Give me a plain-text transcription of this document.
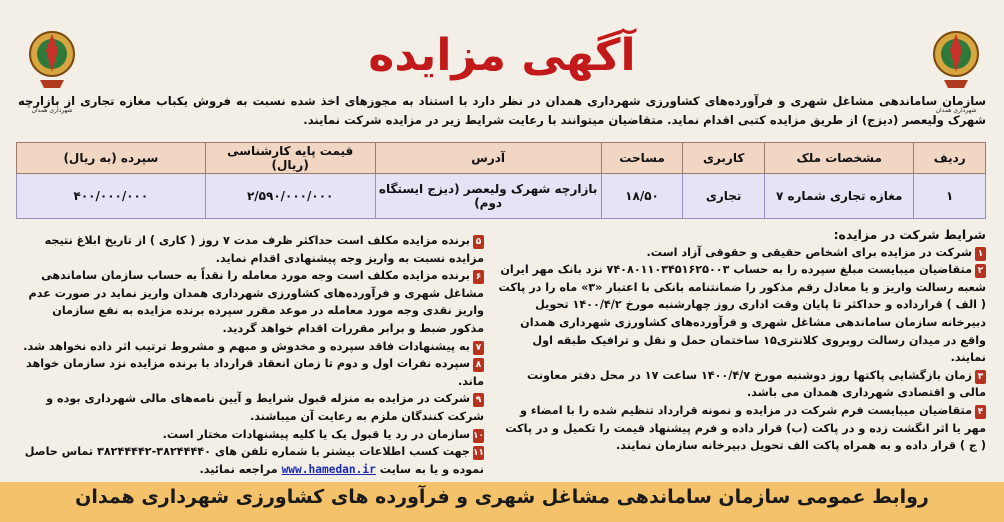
شهرداری همدان
شهرداری همدان
آگهی مزایده
سازمان ساماندهی مشاغل شهری و فرآورده‌های کشاورزی شهرداری همدان در نظر دارد با استناد به مجوزهای اخذ شده نسبت به فروش یکباب مغازه تجاری از بازارچه شهرک ولیعصر (دیزج) از طریق مزایده کتبی اقدام نماید. متقاضیان میتوانند با رعایت شرایط زیر در مزایده شرکت نمایند.
ردیف	مشخصات ملک	کاربری	مساحت	آدرس	قیمت پایه کارشناسی (ریال)	سپرده (به ریال)
۱	مغازه تجاری شماره ۷	تجاری	۱۸/۵۰	بازارچه شهرک ولیعصر (دیزج ایستگاه دوم)	۲/۵۹۰/۰۰۰/۰۰۰	۴۰۰/۰۰۰/۰۰۰
شرایط شرکت در مزایده:

۱شرکت در مزایده برای اشخاص حقیقی و حقوقی آزاد است.

۲متقاضیان میبایست مبلغ سپرده را به حساب ۷۴۰۸۰۱۱۰۳۴۵۱۶۲۵۰۰۳ نزد بانک مهر ایران شعبه رسالت واریز و یا معادل رقم مذکور را ضمانتنامه بانکی با اعتبار «۳» ماه را در پاکت ( الف ) قرارداده و حداکثر تا پایان وقت اداری روز چهارشنبه مورخ ۱۴۰۰/۴/۲ تحویل دبیرخانه سازمان ساماندهی مشاغل شهری و فرآورده‌های کشاورزی شهرداری همدان واقع در میدان رسالت روبروی کلانتری۱۵ ساختمان حمل و نقل و ترافیک طبقه اول نمایند.

۳زمان بازگشایی پاکتها روز دوشنبه مورخ ۱۴۰۰/۴/۷ ساعت ۱۷ در محل دفتر معاونت مالی و اقتصادی شهرداری همدان می باشد.

۴متقاضیان میبایست فرم شرکت در مزایده و نمونه قرارداد تنظیم شده را با امضاء و مهر یا اثر انگشت زده و در پاکت (ب) قرار داده و فرم پیشنهاد قیمت را تکمیل و در پاکت ( ج ) قرار داده و به همراه پاکت الف تحویل دبیرخانه سازمان نمایند.

۵برنده مزایده مکلف است حداکثر ظرف مدت ۷ روز ( کاری ) از تاریخ ابلاغ نتیجه مزایده نسبت به واریز وجه پیشنهادی اقدام نماید.

۶برنده مزایده مکلف است وجه مورد معامله را نقداً به حساب سازمان ساماندهی مشاغل شهری و فرآورده‌های کشاورزی شهرداری همدان واریز نماید در صورت عدم واریز نقدی وجه مورد معامله در موعد مقرر سپرده برنده مزایده به نفع سازمان مذکور ضبط و برابر مقررات اقدام خواهد گردید.

۷به پیشنهادات فاقد سپرده و مخدوش و مبهم و مشروط ترتیب اثر داده نخواهد شد.

۸سپرده نفرات اول و دوم تا زمان انعقاد قرارداد با برنده مزایده نزد سازمان خواهد ماند.

۹شرکت در مزایده به منزله قبول شرایط و آیین نامه‌های مالی شهرداری بوده و شرکت کنندگان ملزم به رعایت آن میباشند.

۱۰سازمان در رد یا قبول یک یا کلیه پیشنهادات مختار است.

۱۱جهت کسب اطلاعات بیشتر با شماره تلفن های ۳۸۲۴۴۴۴۰-۳۸۲۴۴۴۴۲ تماس حاصل نموده و یا به سایت www.hamedan.ir مراجعه نمائید.

روابط عمومی سازمان ساماندهی مشاغل شهری و فرآورده های کشاورزی شهرداری همدان
